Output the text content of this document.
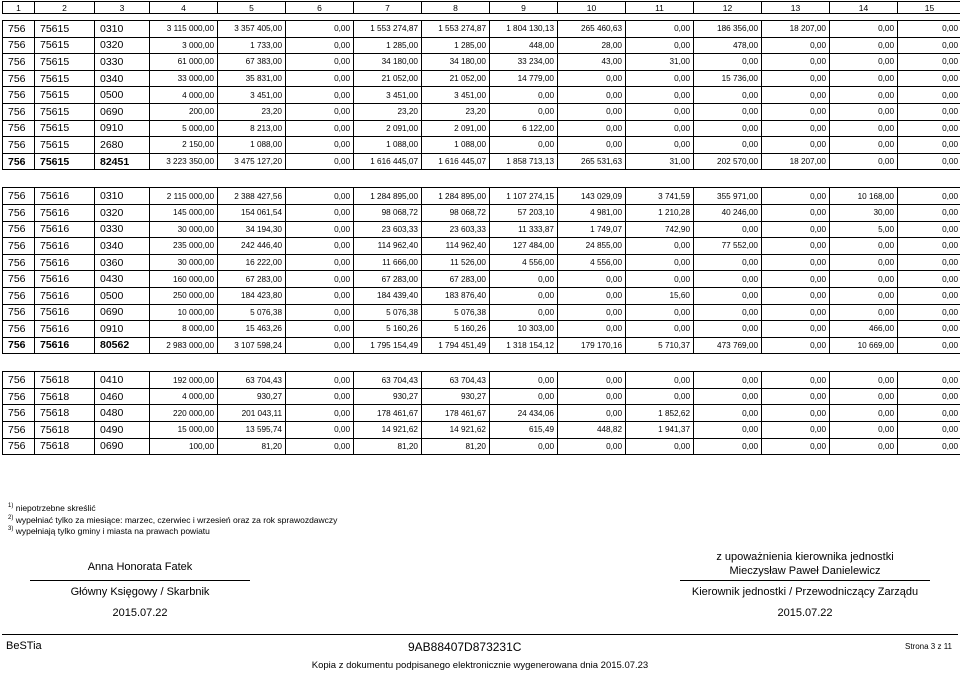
1	2	3	4	5	6	7	8	9	10	11	12	13	14	15

756	75615	0310	3 115 000,00	3 357 405,00	0,00	1 553 274,87	1 553 274,87	1 804 130,13	265 460,63	0,00	186 356,00	18 207,00	0,00	0,00
756	75615	0320	3 000,00	1 733,00	0,00	1 285,00	1 285,00	448,00	28,00	0,00	478,00	0,00	0,00	0,00
756	75615	0330	61 000,00	67 383,00	0,00	34 180,00	34 180,00	33 234,00	43,00	31,00	0,00	0,00	0,00	0,00
756	75615	0340	33 000,00	35 831,00	0,00	21 052,00	21 052,00	14 779,00	0,00	0,00	15 736,00	0,00	0,00	0,00
756	75615	0500	4 000,00	3 451,00	0,00	3 451,00	3 451,00	0,00	0,00	0,00	0,00	0,00	0,00	0,00
756	75615	0690	200,00	23,20	0,00	23,20	23,20	0,00	0,00	0,00	0,00	0,00	0,00	0,00
756	75615	0910	5 000,00	8 213,00	0,00	2 091,00	2 091,00	6 122,00	0,00	0,00	0,00	0,00	0,00	0,00
756	75615	2680	2 150,00	1 088,00	0,00	1 088,00	1 088,00	0,00	0,00	0,00	0,00	0,00	0,00	0,00
756	75615	82451	3 223 350,00	3 475 127,20	0,00	1 616 445,07	1 616 445,07	1 858 713,13	265 531,63	31,00	202 570,00	18 207,00	0,00	0,00

756	75616	0310	2 115 000,00	2 388 427,56	0,00	1 284 895,00	1 284 895,00	1 107 274,15	143 029,09	3 741,59	355 971,00	0,00	10 168,00	0,00
756	75616	0320	145 000,00	154 061,54	0,00	98 068,72	98 068,72	57 203,10	4 981,00	1 210,28	40 246,00	0,00	30,00	0,00
756	75616	0330	30 000,00	34 194,30	0,00	23 603,33	23 603,33	11 333,87	1 749,07	742,90	0,00	0,00	5,00	0,00
756	75616	0340	235 000,00	242 446,40	0,00	114 962,40	114 962,40	127 484,00	24 855,00	0,00	77 552,00	0,00	0,00	0,00
756	75616	0360	30 000,00	16 222,00	0,00	11 666,00	11 526,00	4 556,00	4 556,00	0,00	0,00	0,00	0,00	0,00
756	75616	0430	160 000,00	67 283,00	0,00	67 283,00	67 283,00	0,00	0,00	0,00	0,00	0,00	0,00	0,00
756	75616	0500	250 000,00	184 423,80	0,00	184 439,40	183 876,40	0,00	0,00	15,60	0,00	0,00	0,00	0,00
756	75616	0690	10 000,00	5 076,38	0,00	5 076,38	5 076,38	0,00	0,00	0,00	0,00	0,00	0,00	0,00
756	75616	0910	8 000,00	15 463,26	0,00	5 160,26	5 160,26	10 303,00	0,00	0,00	0,00	0,00	466,00	0,00
756	75616	80562	2 983 000,00	3 107 598,24	0,00	1 795 154,49	1 794 451,49	1 318 154,12	179 170,16	5 710,37	473 769,00	0,00	10 669,00	0,00

756	75618	0410	192 000,00	63 704,43	0,00	63 704,43	63 704,43	0,00	0,00	0,00	0,00	0,00	0,00	0,00
756	75618	0460	4 000,00	930,27	0,00	930,27	930,27	0,00	0,00	0,00	0,00	0,00	0,00	0,00
756	75618	0480	220 000,00	201 043,11	0,00	178 461,67	178 461,67	24 434,06	0,00	1 852,62	0,00	0,00	0,00	0,00
756	75618	0490	15 000,00	13 595,74	0,00	14 921,62	14 921,62	615,49	448,82	1 941,37	0,00	0,00	0,00	0,00
756	75618	0690	100,00	81,20	0,00	81,20	81,20	0,00	0,00	0,00	0,00	0,00	0,00	0,00
$^{1)}$ niepotrzebne skreślić
$^{2)}$ wypełniać tylko za miesiące: marzec, czerwiec i wrzesień oraz za rok sprawozdawczy
$^{3)}$ wypełniają tylko gminy i miasta na prawach powiatu
Anna Honorata Fatek
Główny Księgowy / Skarbnik
2015.07.22
z upoważnienia kierownika jednostki
Mieczysław Paweł Danielewicz
Kierownik jednostki / Przewodniczący Zarządu
2015.07.22
BeSTia	9AB88407D873231C	Strona 3 z 11
Kopia z dokumentu podpisanego elektronicznie wygenerowana dnia 2015.07.23
